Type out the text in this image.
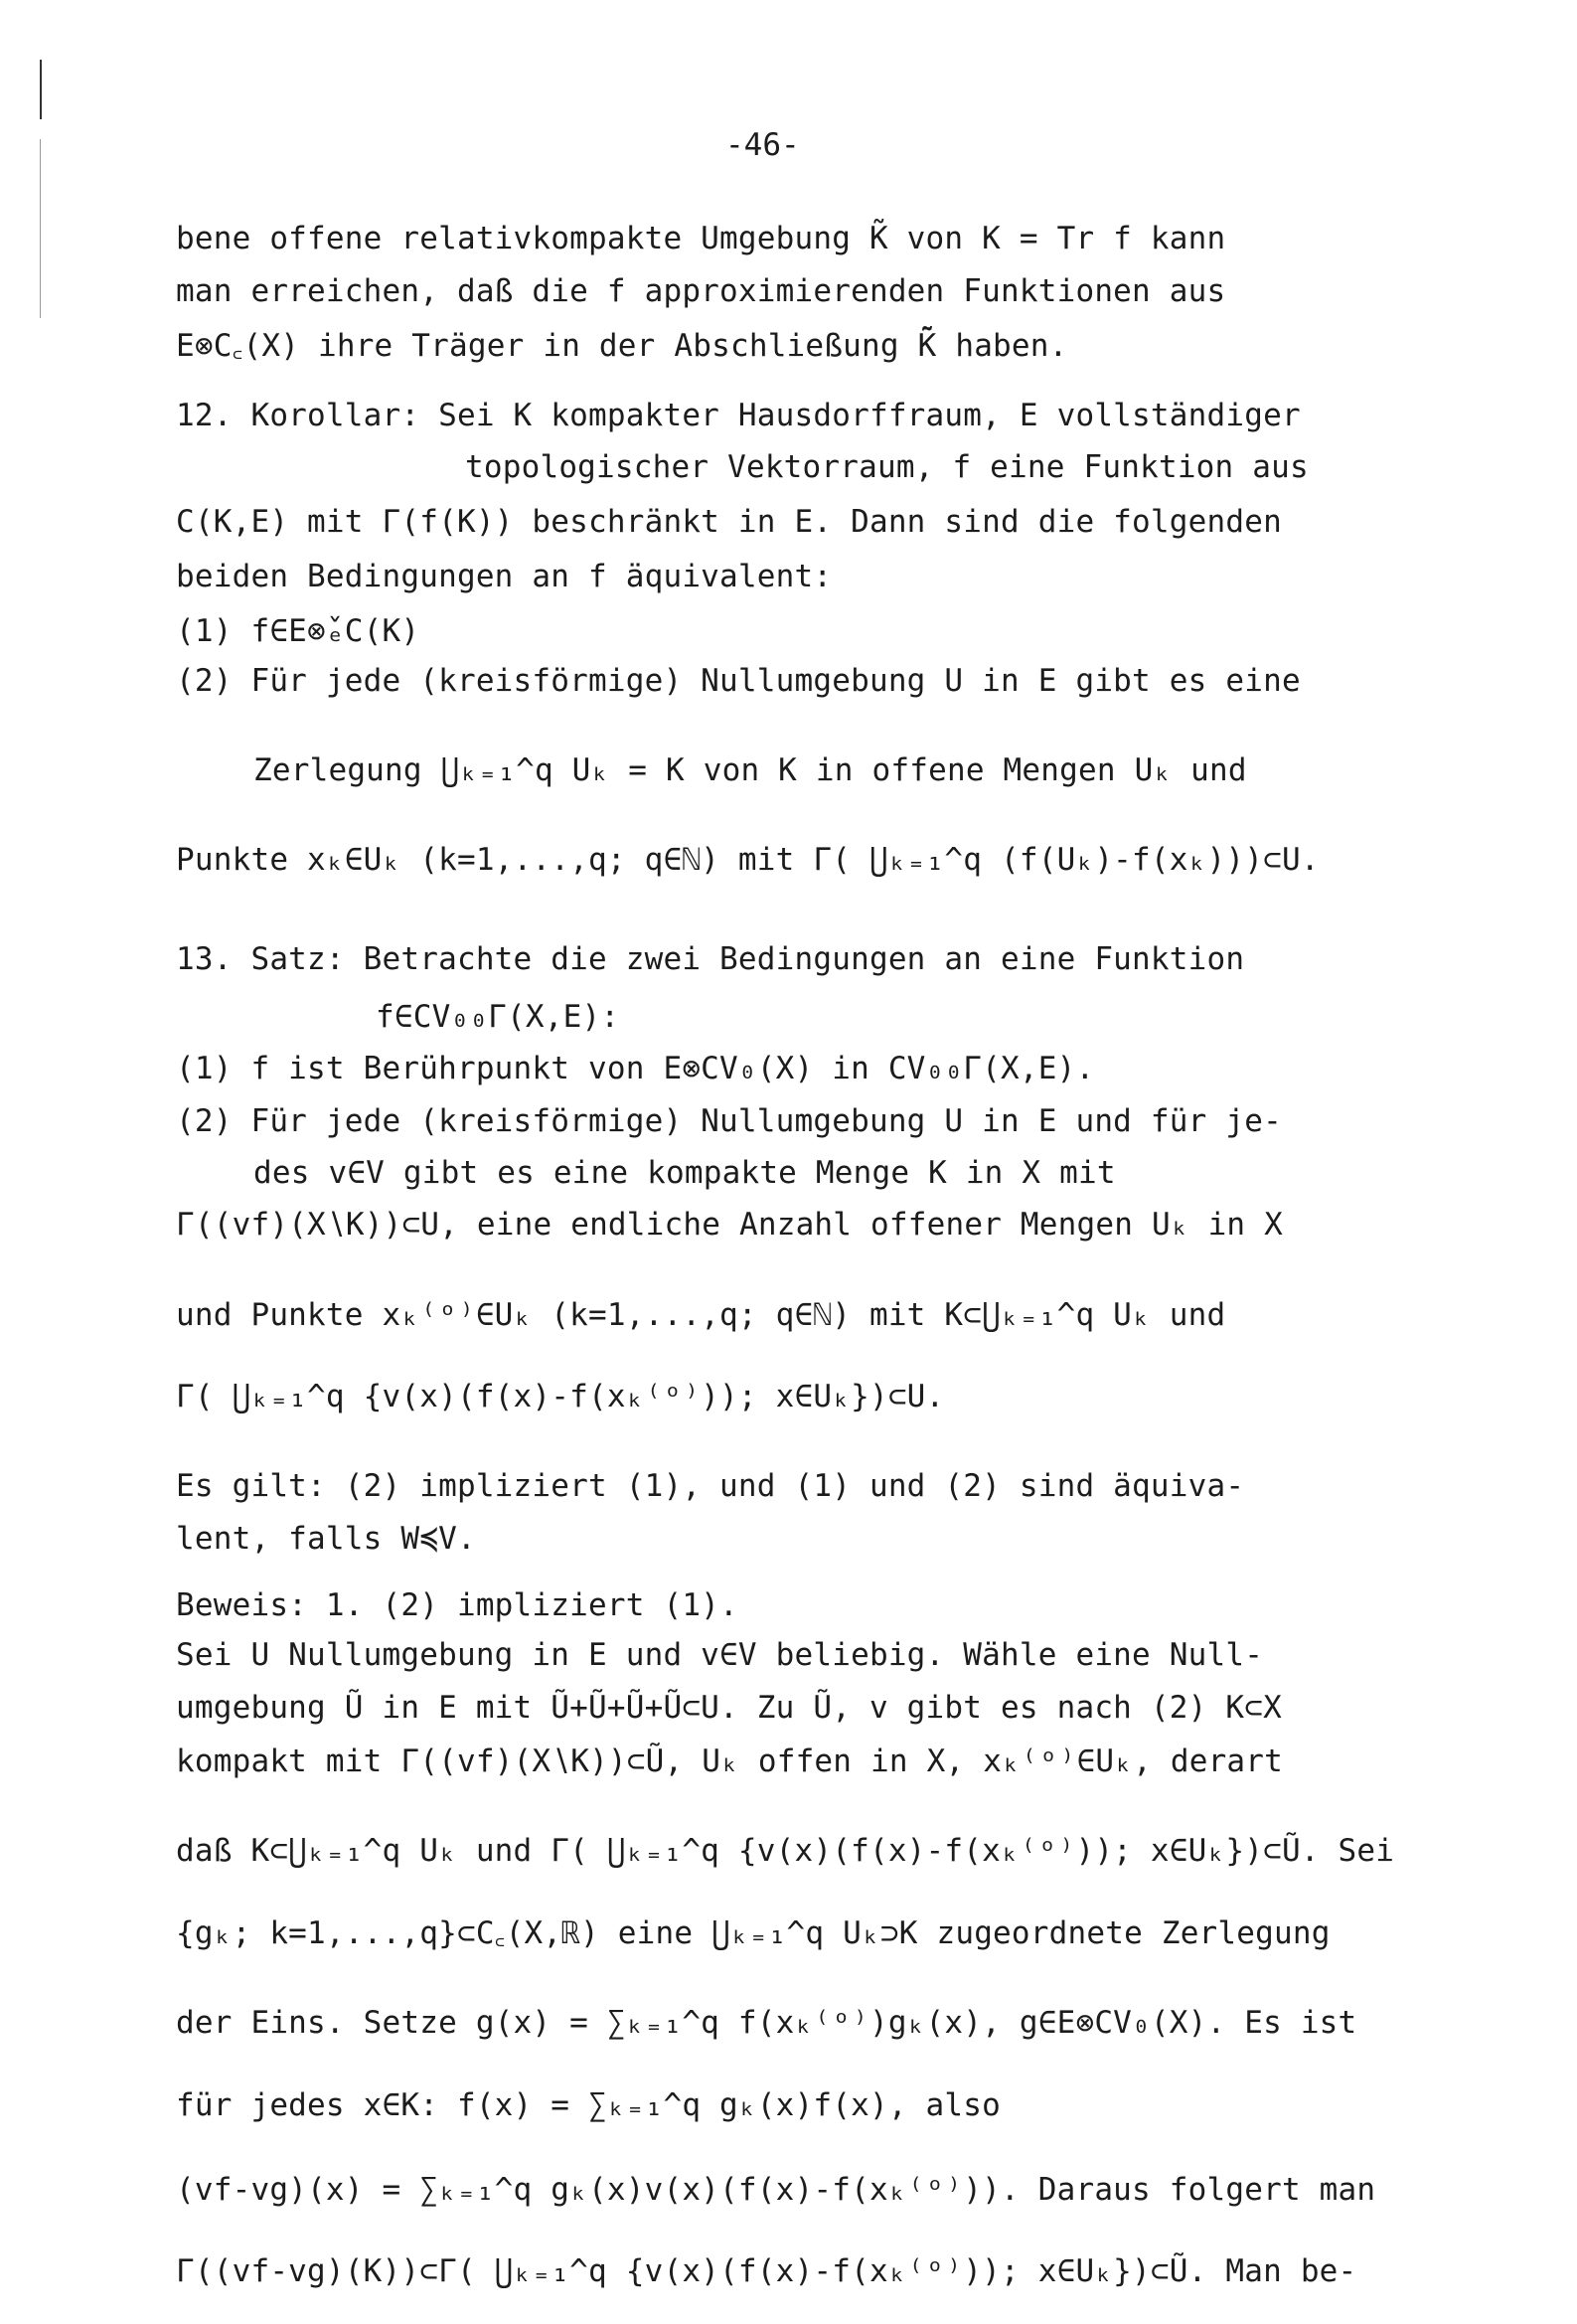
-46-
bene offene relativkompakte Umgebung K̃ von K = Tr f kann
man erreichen, daß die f approximierenden Funktionen aus
E⊗C꜀(X) ihre Träger in der Abschließung K̃̄ haben.
12. Korollar: Sei K kompakter Hausdorffraum, E vollständiger
topologischer Vektorraum, f eine Funktion aus
C(K,E) mit Γ(f(K)) beschränkt in E. Dann sind die folgenden
beiden Bedingungen an f äquivalent:
(1) f∈E⊗̌ₑC(K)
(2) Für jede (kreisförmige) Nullumgebung U in E gibt es eine
Zerlegung ⋃ₖ₌₁^q Uₖ = K von K in offene Mengen Uₖ und
Punkte xₖ∈Uₖ (k=1,...,q; q∈ℕ) mit Γ( ⋃ₖ₌₁^q (f(Uₖ)-f(xₖ)))⊂U.
13. Satz: Betrachte die zwei Bedingungen an eine Funktion
f∈CV₀₀Γ(X,E):
(1) f ist Berührpunkt von E⊗CV₀(X) in CV₀₀Γ(X,E).
(2) Für jede (kreisförmige) Nullumgebung U in E und für je-
des v∈V gibt es eine kompakte Menge K in X mit
Γ((vf)(X∖K))⊂U, eine endliche Anzahl offener Mengen Uₖ in X
und Punkte xₖ⁽ᵒ⁾∈Uₖ (k=1,...,q; q∈ℕ) mit K⊂⋃ₖ₌₁^q Uₖ und
Γ( ⋃ₖ₌₁^q {v(x)(f(x)-f(xₖ⁽ᵒ⁾)); x∈Uₖ})⊂U.
Es gilt: (2) impliziert (1), und (1) und (2) sind äquiva-
lent, falls W≼V.
Beweis: 1. (2) impliziert (1).
Sei U Nullumgebung in E und v∈V beliebig. Wähle eine Null-
umgebung Ũ in E mit Ũ+Ũ+Ũ+Ũ⊂U. Zu Ũ, v gibt es nach (2) K⊂X
kompakt mit Γ((vf)(X∖K))⊂Ũ, Uₖ offen in X, xₖ⁽ᵒ⁾∈Uₖ, derart
daß K⊂⋃ₖ₌₁^q Uₖ und Γ( ⋃ₖ₌₁^q {v(x)(f(x)-f(xₖ⁽ᵒ⁾)); x∈Uₖ})⊂Ũ. Sei
{gₖ; k=1,...,q}⊂C꜀(X,ℝ) eine ⋃ₖ₌₁^q Uₖ⊃K zugeordnete Zerlegung
der Eins. Setze g(x) = ∑ₖ₌₁^q f(xₖ⁽ᵒ⁾)gₖ(x), g∈E⊗CV₀(X). Es ist
für jedes x∈K: f(x) = ∑ₖ₌₁^q gₖ(x)f(x), also
(vf-vg)(x) = ∑ₖ₌₁^q gₖ(x)v(x)(f(x)-f(xₖ⁽ᵒ⁾)). Daraus folgert man
Γ((vf-vg)(K))⊂Γ( ⋃ₖ₌₁^q {v(x)(f(x)-f(xₖ⁽ᵒ⁾)); x∈Uₖ})⊂Ũ. Man be-
